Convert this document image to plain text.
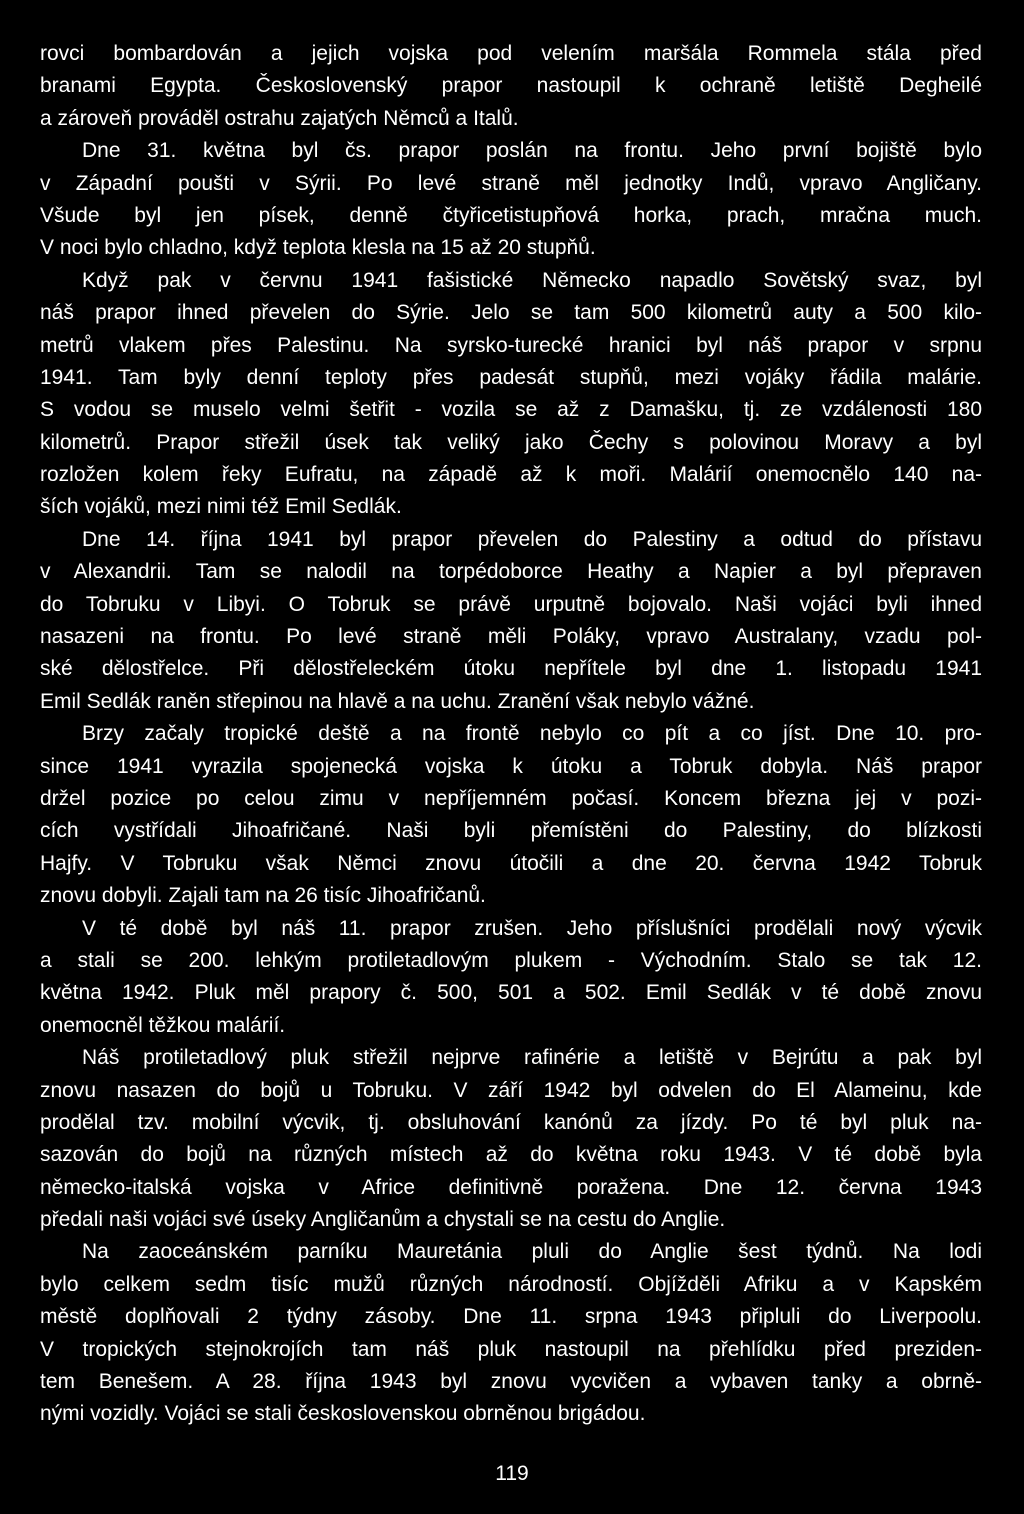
rovci bombardován a jejich vojska pod velením maršála Rommela stála před
branami Egypta. Československý prapor nastoupil k ochraně letiště Degheilé
a zároveň prováděl ostrahu zajatých Němců a Italů.
Dne 31. května byl čs. prapor poslán na frontu. Jeho první bojiště bylo
v Západní poušti v Sýrii. Po levé straně měl jednotky Indů, vpravo Angličany.
Všude byl jen písek, denně čtyřicetistupňová horka, prach, mračna much.
V noci bylo chladno, když teplota klesla na 15 až 20 stupňů.
Když pak v červnu 1941 fašistické Německo napadlo Sovětský svaz, byl
náš prapor ihned převelen do Sýrie. Jelo se tam 500 kilometrů auty a 500 kilo-
metrů vlakem přes Palestinu. Na syrsko-turecké hranici byl náš prapor v srpnu
1941. Tam byly denní teploty přes padesát stupňů, mezi vojáky řádila malárie.
S vodou se muselo velmi šetřit - vozila se až z Damašku, tj. ze vzdálenosti 180
kilometrů. Prapor střežil úsek tak veliký jako Čechy s polovinou Moravy a byl
rozložen kolem řeky Eufratu, na západě až k moři. Malárií onemocnělo 140 na-
ších vojáků, mezi nimi též Emil Sedlák.
Dne 14. října 1941 byl prapor převelen do Palestiny a odtud do přístavu
v Alexandrii. Tam se nalodil na torpédoborce Heathy a Napier a byl přepraven
do Tobruku v Libyi. O Tobruk se právě urputně bojovalo. Naši vojáci byli ihned
nasazeni na frontu. Po levé straně měli Poláky, vpravo Australany, vzadu pol-
ské dělostřelce. Při dělostřeleckém útoku nepřítele byl dne 1. listopadu 1941
Emil Sedlák raněn střepinou na hlavě a na uchu. Zranění však nebylo vážné.
Brzy začaly tropické deště a na frontě nebylo co pít a co jíst. Dne 10. pro-
since 1941 vyrazila spojenecká vojska k útoku a Tobruk dobyla. Náš prapor
držel pozice po celou zimu v nepříjemném počasí. Koncem března jej v pozi-
cích vystřídali Jihoafričané. Naši byli přemístěni do Palestiny, do blízkosti
Hajfy. V Tobruku však Němci znovu útočili a dne 20. června 1942 Tobruk
znovu dobyli. Zajali tam na 26 tisíc Jihoafričanů.
V té době byl náš 11. prapor zrušen. Jeho příslušníci prodělali nový výcvik
a stali se 200. lehkým protiletadlovým plukem - Východním. Stalo se tak 12.
května 1942. Pluk měl prapory č. 500, 501 a 502. Emil Sedlák v té době znovu
onemocněl těžkou malárií.
Náš protiletadlový pluk střežil nejprve rafinérie a letiště v Bejrútu a pak byl
znovu nasazen do bojů u Tobruku. V září 1942 byl odvelen do El Alameinu, kde
prodělal tzv. mobilní výcvik, tj. obsluhování kanónů za jízdy. Po té byl pluk na-
sazován do bojů na různých místech až do května roku 1943. V té době byla
německo-italská vojska v Africe definitivně poražena. Dne 12. června 1943
předali naši vojáci své úseky Angličanům a chystali se na cestu do Anglie.
Na zaoceánském parníku Mauretánia pluli do Anglie šest týdnů. Na lodi
bylo celkem sedm tisíc mužů různých národností. Objížděli Afriku a v Kapském
městě doplňovali 2 týdny zásoby. Dne 11. srpna 1943 připluli do Liverpoolu.
V tropických stejnokrojích tam náš pluk nastoupil na přehlídku před preziden-
tem Benešem. A 28. října 1943 byl znovu vycvičen a vybaven tanky a obrně-
nými vozidly. Vojáci se stali československou obrněnou brigádou.
119
